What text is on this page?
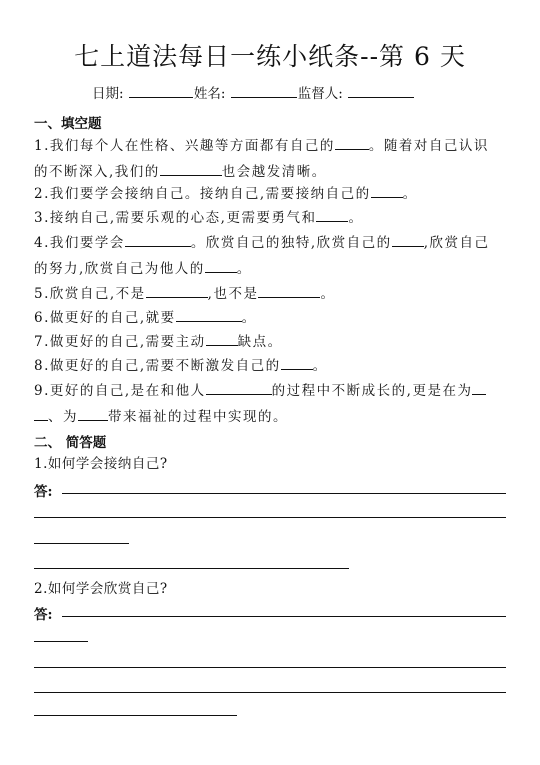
七上道法每日一练小纸条--第 6 天
日期:	姓名:	监督人:
一、填空题
1.我们每个人在性格、兴趣等方面都有自己的	。随着对自己认识
的不断深入,我们的	也会越发清晰。
2.我们要学会接纳自己。接纳自己,需要接纳自己的 。
3.接纳自己,需要乐观的心态,更需要勇气和 。
4.我们要学会	。欣赏自己的独特,欣赏自己的 ,欣赏自己
的努力,欣赏自己为他人的 。
5.欣赏自己,不是	,也不是	。
6.做更好的自己,就要	。
7.做更好的自己,需要主动 缺点。
8.做更好的自己,需要不断激发自己的 。
9.更好的自己,是在和他人	的过程中不断成长的,更是在为
、为 带来福祉的过程中实现的。
二、 简答题
1.如何学会接纳自己?
答:
2.如何学会欣赏自己?
答:
